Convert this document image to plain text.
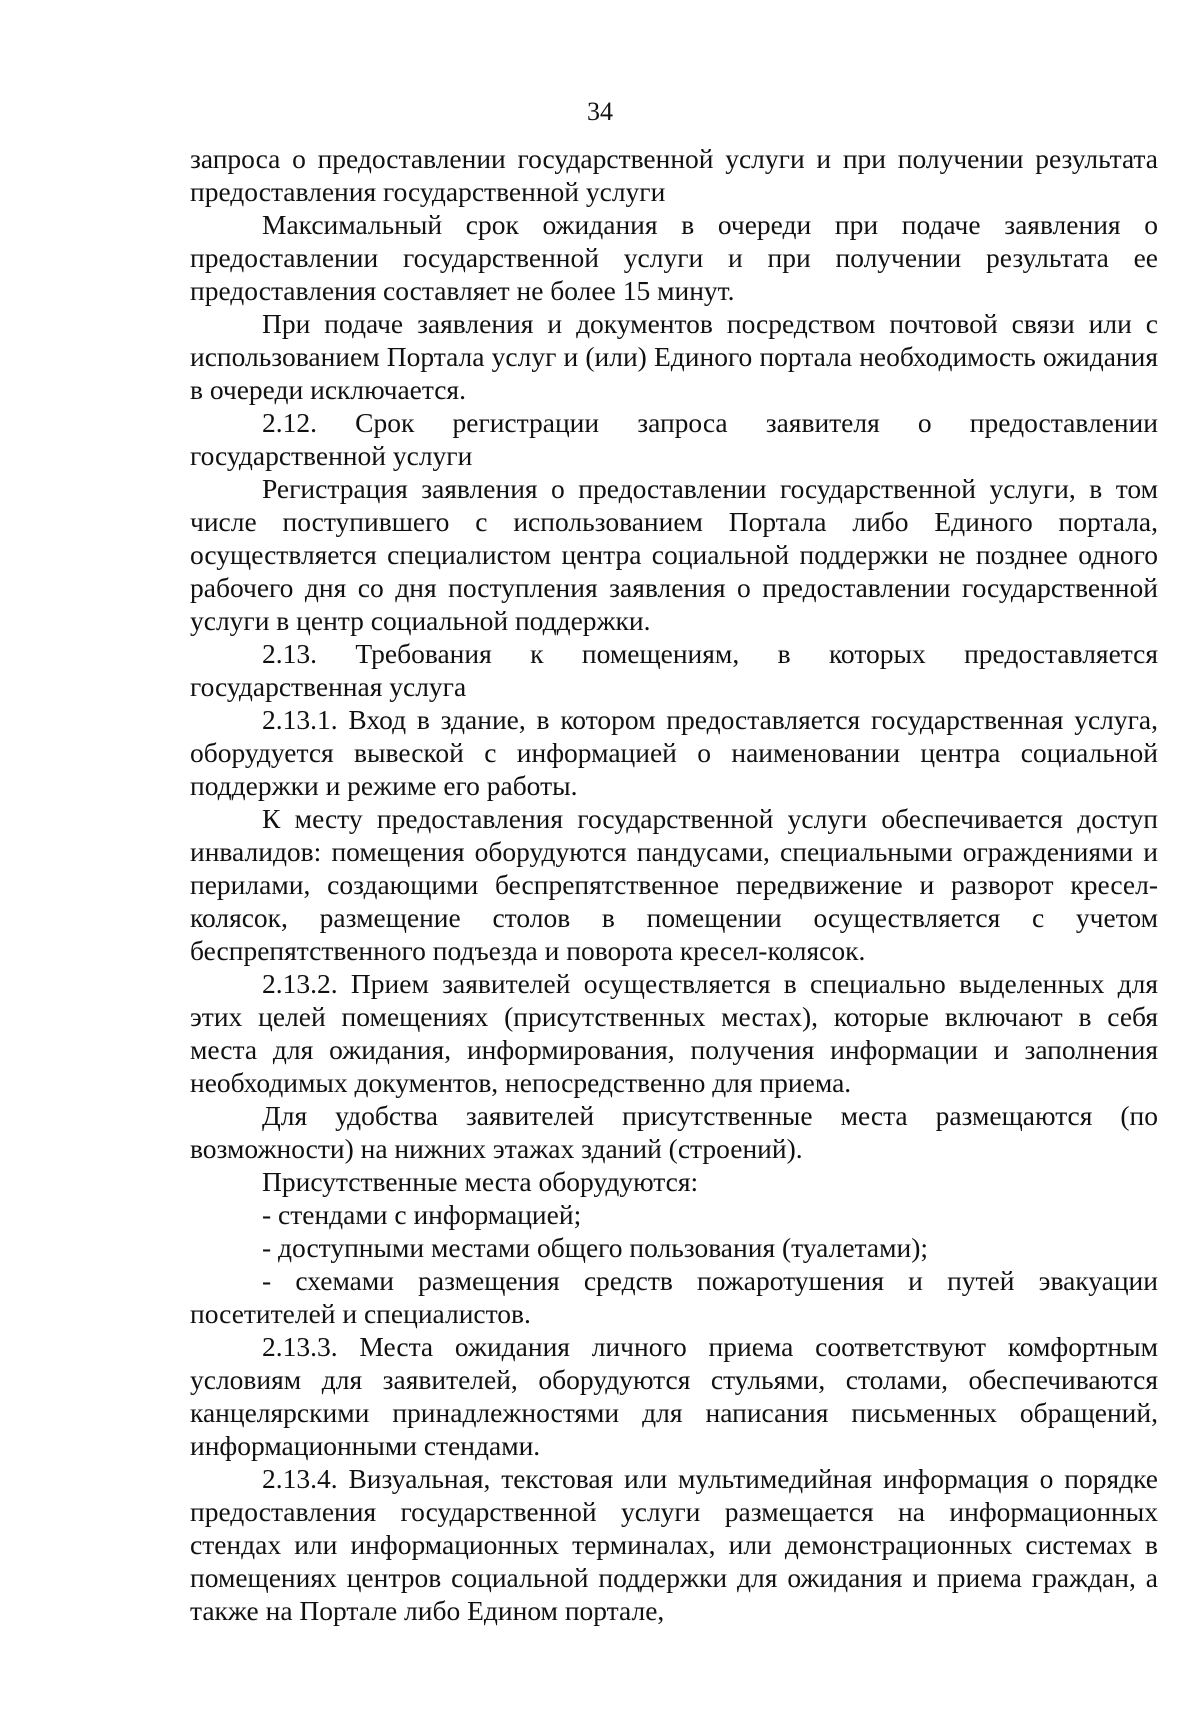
34

запроса о предоставлении государственной услуги и при получении результата предоставления государственной услуги

Максимальный срок ожидания в очереди при подаче заявления о предоставлении государственной услуги и при получении результата ее предоставления составляет не более 15 минут.

При подаче заявления и документов посредством почтовой связи или с использованием Портала услуг и (или) Единого портала необходимость ожидания в очереди исключается.

2.12. Срок регистрации запроса заявителя о предоставлении государственной услуги

Регистрация заявления о предоставлении государственной услуги, в том числе поступившего с использованием Портала либо Единого портала, осуществляется специалистом центра социальной поддержки не позднее одного рабочего дня со дня поступления заявления о предоставлении государственной услуги в центр социальной поддержки.

2.13. Требования к помещениям, в которых предоставляется государственная услуга

2.13.1. Вход в здание, в котором предоставляется государственная услуга, оборудуется вывеской с информацией о наименовании центра социальной поддержки и режиме его работы.

К месту предоставления государственной услуги обеспечивается доступ инвалидов: помещения оборудуются пандусами, специальными ограждениями и перилами, создающими беспрепятственное передвижение и разворот кресел-колясок, размещение столов в помещении осуществляется с учетом беспрепятственного подъезда и поворота кресел-колясок.

2.13.2. Прием заявителей осуществляется в специально выделенных для этих целей помещениях (присутственных местах), которые включают в себя места для ожидания, информирования, получения информации и заполнения необходимых документов, непосредственно для приема.

Для удобства заявителей присутственные места размещаются (по возможности) на нижних этажах зданий (строений).

Присутственные места оборудуются:

- стендами с информацией;

- доступными местами общего пользования (туалетами);

- схемами размещения средств пожаротушения и путей эвакуации посетителей и специалистов.

2.13.3. Места ожидания личного приема соответствуют комфортным условиям для заявителей, оборудуются стульями, столами, обеспечиваются канцелярскими принадлежностями для написания письменных обращений, информационными стендами.

2.13.4. Визуальная, текстовая или мультимедийная информация о порядке предоставления государственной услуги размещается на информационных стендах или информационных терминалах, или демонстрационных системах в помещениях центров социальной поддержки для ожидания и приема граждан, а также на Портале либо Едином портале,
